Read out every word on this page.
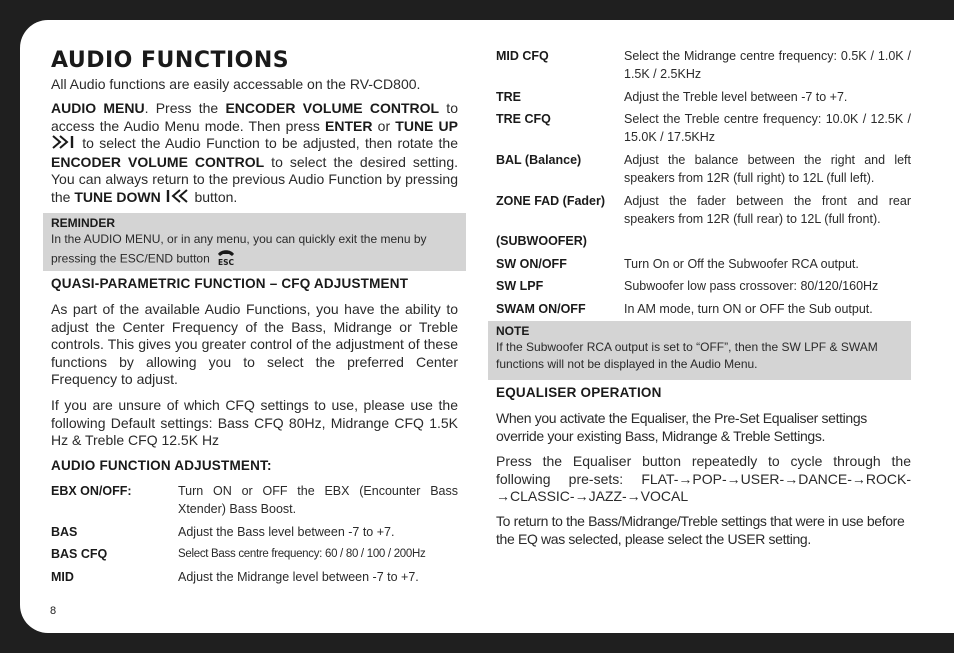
AUDIO FUNCTIONS

All Audio functions are easily accessable on the RV-CD800.

AUDIO MENU. Press the ENCODER VOLUME CONTROL to access the Audio Menu mode. Then press ENTER or TUNE UP  to select the Audio Function to be adjusted, then rotate the ENCODER VOLUME CONTROL to select the desired setting. You can always return to the previous Audio Function by pressing the TUNE DOWN  button.

REMINDER
In the AUDIO MENU, or in any menu, you can quickly exit the menu by pressing the ESC/END button ESC
QUASI-PARAMETRIC FUNCTION – CFQ ADJUSTMENT

As part of the available Audio Functions, you have the ability to adjust the Center Frequency of the Bass, Midrange or Treble controls. This gives you greater control of the adjustment of these functions by allowing you to select the preferred Center Frequency to adjust.

If you are unsure of which CFQ settings to use, please use the following Default settings: Bass CFQ 80Hz, Midrange CFQ 1.5K Hz & Treble CFQ 12.5K Hz

AUDIO FUNCTION ADJUSTMENT:
EBX ON/OFF:	Turn ON or OFF the EBX (Encounter Bass Xtender) Bass Boost.
BAS	Adjust the Bass level between -7 to +7.
BAS CFQ	Select Bass centre frequency: 60 / 80 / 100 / 200Hz
MID	Adjust the Midrange level between -7 to +7.
MID CFQ	Select the Midrange centre frequency: 0.5K / 1.0K / 1.5K / 2.5KHz
TRE	Adjust the Treble level between -7 to +7.
TRE CFQ	Select the Treble centre frequency: 10.0K / 12.5K / 15.0K / 17.5KHz
BAL (Balance)	Adjust the balance between the right and left speakers from 12R (full right) to 12L (full left).
ZONE FAD (Fader) Adjust the fader between the front and rear speakers from 12R (full rear) to 12L (full front).
(SUBWOOFER)
SW ON/OFF	Turn On or Off the Subwoofer RCA output.
SW LPF	Subwoofer low pass crossover: 80/120/160Hz
SWAM ON/OFF	In AM mode, turn ON or OFF the Sub output.
NOTE
If the Subwoofer RCA output is set to “OFF”, then the SW LPF & SWAM functions will not be displayed in the Audio Menu.
EQUALISER OPERATION

When you activate the Equaliser, the Pre-Set Equaliser settings override your existing Bass, Midrange & Treble Settings.

Press the Equaliser button repeatedly to cycle through the following pre-sets: FLAT-→POP-→USER-→DANCE-→ROCK-→CLASSIC-→JAZZ-→VOCAL

To return to the Bass/Midrange/Treble settings that were in use before the EQ was selected, please select the USER setting.

8
